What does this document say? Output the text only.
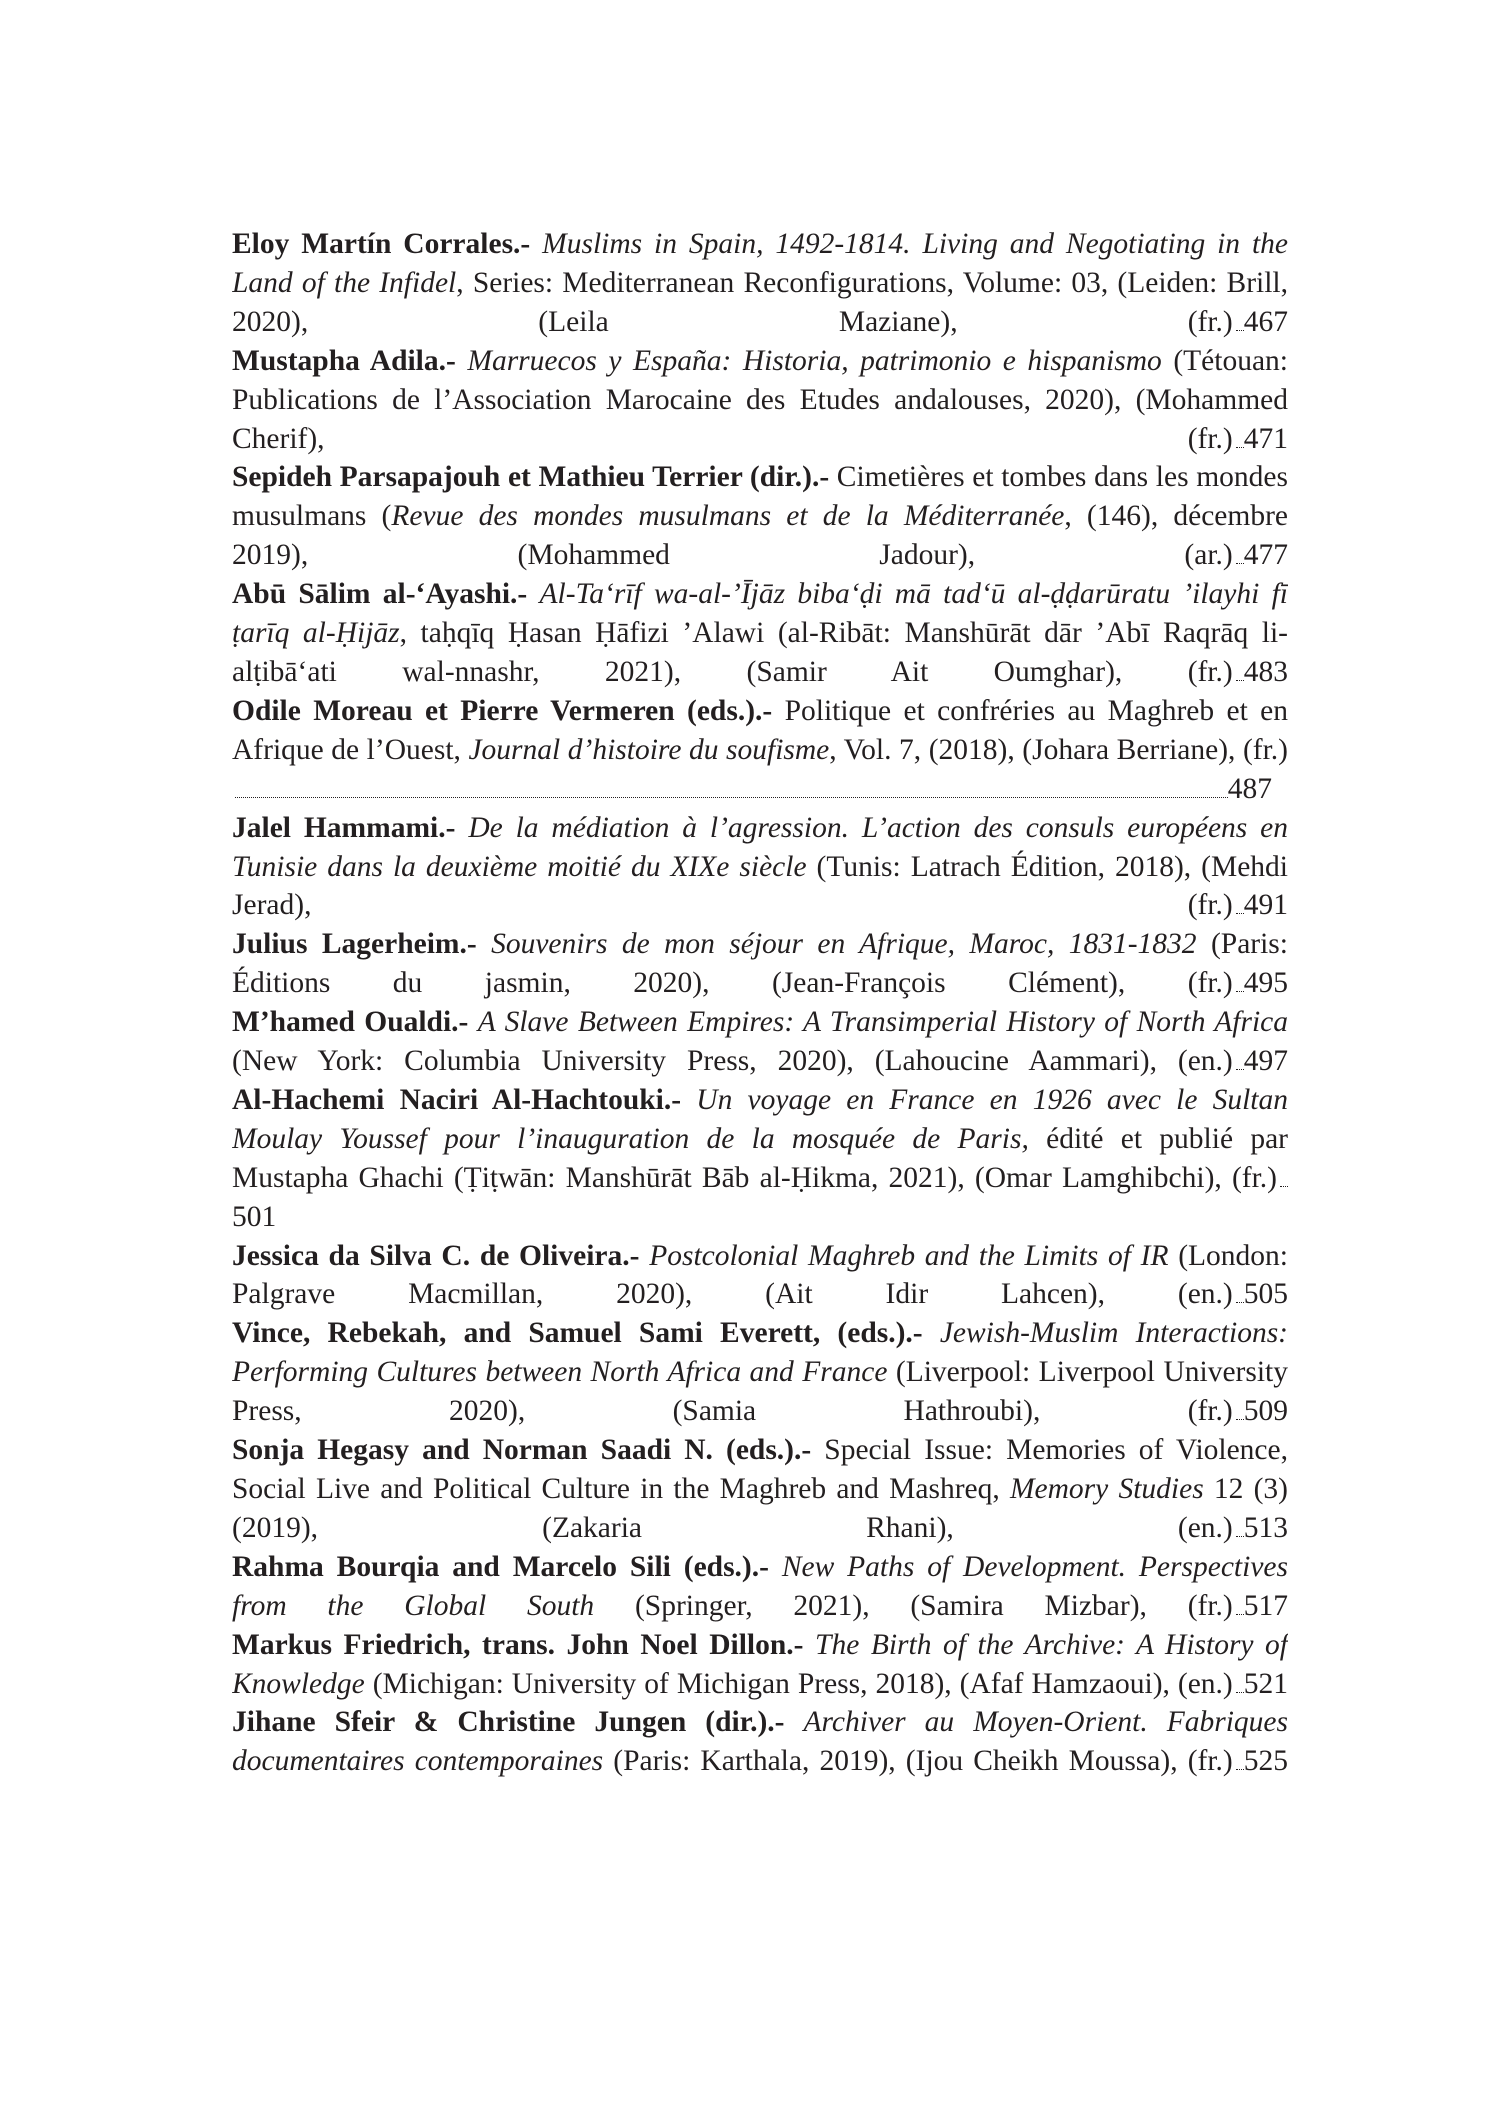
Eloy Martín Corrales.- Muslims in Spain, 1492-1814. Living and Negotiating in the Land of the Infidel, Series: Mediterranean Reconfigurations, Volume: 03, (Leiden: Brill, 2020), (Leila Maziane), (fr.) 467
Mustapha Adila.- Marruecos y España: Historia, patrimonio e hispanismo (Tétouan: Publications de l’Association Marocaine des Etudes andalouses, 2020), (Mohammed Cherif), (fr.) 471
Sepideh Parsapajouh et Mathieu Terrier (dir.).- Cimetières et tombes dans les mondes musulmans (Revue des mondes musulmans et de la Méditerranée, (146), décembre 2019), (Mohammed Jadour), (ar.) 477
Abū Sālim al-‘Ayashi.- Al-Ta‘rīf wa-al-’Ījāz biba‘ḍi mā tad‘ū al-ḍḍarūratu ’ilayhi fī ṭarīq al-Ḥijāz, taḥqīq Ḥasan Ḥāfizi ’Alawi (al-Ribāt: Manshūrāt dār ’Abī Raqrāq li-alṭibā‘ati wal-nnashr, 2021), (Samir Ait Oumghar), (fr.) 483
Odile Moreau et Pierre Vermeren (eds.).- Politique et confréries au Maghreb et en Afrique de l’Ouest, Journal d’histoire du soufisme, Vol. 7, (2018), (Johara Berriane), (fr.)487
Jalel Hammami.- De la médiation à l’agression. L’action des consuls européens en Tunisie dans la deuxième moitié du XIXe siècle (Tunis: Latrach Édition, 2018), (Mehdi Jerad), (fr.) 491
Julius Lagerheim.- Souvenirs de mon séjour en Afrique, Maroc, 1831-1832 (Paris: Éditions du jasmin, 2020), (Jean-François Clément), (fr.) 495
M’hamed Oualdi.- A Slave Between Empires: A Transimperial History of North Africa (New York: Columbia University Press, 2020), (Lahoucine Aammari), (en.) 497
Al-Hachemi Naciri Al-Hachtouki.- Un voyage en France en 1926 avec le Sultan Moulay Youssef pour l’inauguration de la mosquée de Paris, édité et publié par Mustapha Ghachi (Ṭiṭwān: Manshūrāt Bāb al-Ḥikma, 2021), (Omar Lamghibchi), (fr.)501
Jessica da Silva C. de Oliveira.- Postcolonial Maghreb and the Limits of IR (London: Palgrave Macmillan, 2020), (Ait Idir Lahcen), (en.) 505
Vince, Rebekah, and Samuel Sami Everett, (eds.).- Jewish-Muslim Interactions: Performing Cultures between North Africa and France (Liverpool: Liverpool University Press, 2020), (Samia Hathroubi), (fr.) 509
Sonja Hegasy and Norman Saadi N. (eds.).- Special Issue: Memories of Violence, Social Live and Political Culture in the Maghreb and Mashreq, Memory Studies 12 (3) (2019), (Zakaria Rhani), (en.) 513
Rahma Bourqia and Marcelo Sili (eds.).- New Paths of Development. Perspectives from the Global South (Springer, 2021), (Samira Mizbar), (fr.) 517
Markus Friedrich, trans. John Noel Dillon.- The Birth of the Archive: A History of Knowledge (Michigan: University of Michigan Press, 2018), (Afaf Hamzaoui), (en.) 521
Jihane Sfeir & Christine Jungen (dir.).- Archiver au Moyen-Orient. Fabriques documentaires contemporaines (Paris: Karthala, 2019), (Ijou Cheikh Moussa), (fr.) 525
